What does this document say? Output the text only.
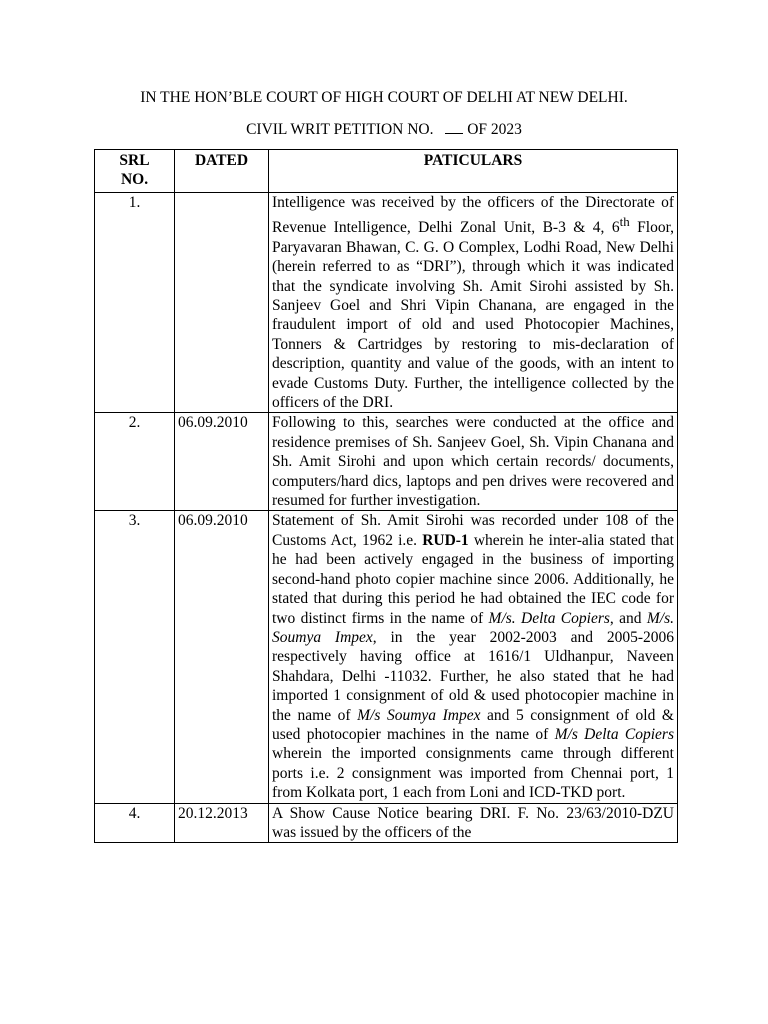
IN THE HON’BLE COURT OF HIGH COURT OF DELHI AT NEW DELHI.

CIVIL WRIT PETITION NO. OF 2023

SRL
NO.	DATED	PATICULARS
1.		Intelligence was received by the officers of the Directorate of Revenue Intelligence, Delhi Zonal Unit, B-3 & 4, 6th Floor, Paryavaran Bhawan, C. G. O Complex, Lodhi Road, New Delhi (herein referred to as “DRI”), through which it was indicated that the syndicate involving Sh. Amit Sirohi assisted by Sh. Sanjeev Goel and Shri Vipin Chanana, are engaged in the fraudulent import of old and used Photocopier Machines, Tonners & Cartridges by restoring to mis-declaration of description, quantity and value of the goods, with an intent to evade Customs Duty. Further, the intelligence collected by the officers of the DRI.
2.	06.09.2010	Following to this, searches were conducted at the office and residence premises of Sh. Sanjeev Goel, Sh. Vipin Chanana and Sh. Amit Sirohi and upon which certain records/ documents, computers/hard dics, laptops and pen drives were recovered and resumed for further investigation.
3.	06.09.2010	Statement of Sh. Amit Sirohi was recorded under 108 of the Customs Act, 1962 i.e. RUD-1 wherein he inter-alia stated that he had been actively engaged in the business of importing second-hand photo copier machine since 2006. Additionally, he stated that during this period he had obtained the IEC code for two distinct firms in the name of M/s. Delta Copiers, and M/s. Soumya Impex, in the year 2002-2003 and 2005-2006 respectively having office at 1616/1 Uldhanpur, Naveen Shahdara, Delhi -11032. Further, he also stated that he had imported 1 consignment of old & used photocopier machine in the name of M/s Soumya Impex and 5 consignment of old & used photocopier machines in the name of M/s Delta Copiers wherein the imported consignments came through different ports i.e. 2 consignment was imported from Chennai port, 1 from Kolkata port, 1 each from Loni and ICD-TKD port.
4.	20.12.2013	A Show Cause Notice bearing DRI. F. No. 23/63/2010-DZU was issued by the officers of the
